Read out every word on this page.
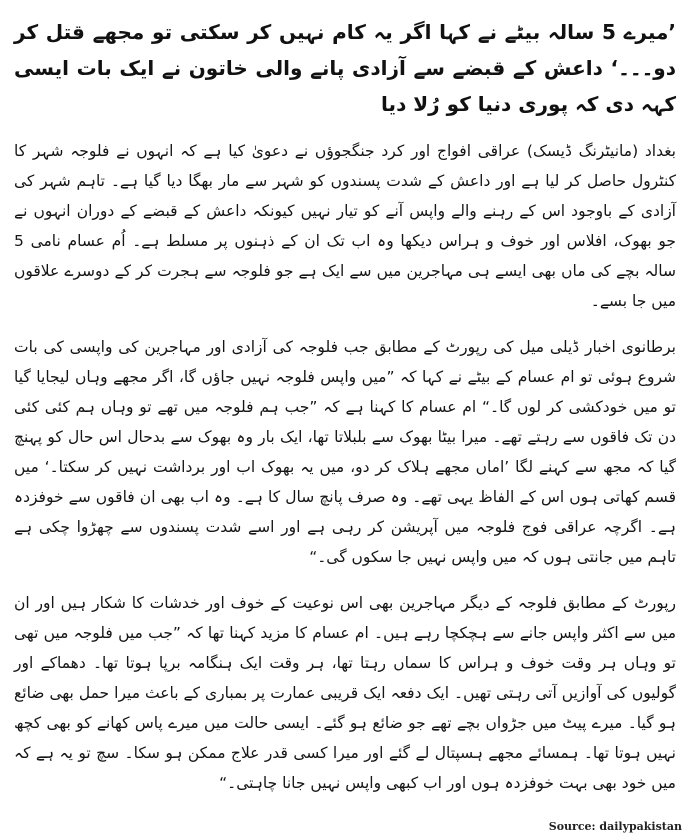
’میرے 5 سالہ بیٹے نے کہا اگر یہ کام نہیں کر سکتی تو مجھے قتل کر دو۔۔۔‘ داعش کے قبضے سے آزادی پانے والی خاتون نے ایک بات ایسی کہہ دی کہ پوری دنیا کو رُلا دیا

بغداد (مانیٹرنگ ڈیسک) عراقی افواج اور کرد جنگجوؤں نے دعویٰ کیا ہے کہ انہوں نے فلوجہ شہر کا کنٹرول حاصل کر لیا ہے اور داعش کے شدت پسندوں کو شہر سے مار بھگا دیا گیا ہے۔ تاہم شہر کی آزادی کے باوجود اس کے رہنے والے واپس آنے کو تیار نہیں کیونکہ داعش کے قبضے کے دوران انہوں نے جو بھوک، افلاس اور خوف و ہراس دیکھا وہ اب تک ان کے ذہنوں پر مسلط ہے۔ اُم عسام نامی 5 سالہ بچے کی ماں بھی ایسے ہی مہاجرین میں سے ایک ہے جو فلوجہ سے ہجرت کر کے دوسرے علاقوں میں جا بسے۔

برطانوی اخبار ڈیلی میل کی رپورٹ کے مطابق جب فلوجہ کی آزادی اور مہاجرین کی واپسی کی بات شروع ہوئی تو ام عسام کے بیٹے نے کہا کہ ”میں واپس فلوجہ نہیں جاؤں گا، اگر مجھے وہاں لیجایا گیا تو میں خودکشی کر لوں گا۔“ ام عسام کا کہنا ہے کہ ”جب ہم فلوجہ میں تھے تو وہاں ہم کئی کئی دن تک فاقوں سے رہتے تھے۔ میرا بیٹا بھوک سے بلبلاتا تھا، ایک بار وہ بھوک سے بدحال اس حال کو پہنچ گیا کہ مجھ سے کہنے لگا ’اماں مجھے ہلاک کر دو، میں یہ بھوک اب اور برداشت نہیں کر سکتا۔‘ میں قسم کھاتی ہوں اس کے الفاظ یہی تھے۔ وہ صرف پانچ سال کا ہے۔ وہ اب بھی ان فاقوں سے خوفزدہ ہے۔ اگرچہ عراقی فوج فلوجہ میں آپریشن کر رہی ہے اور اسے شدت پسندوں سے چھڑوا چکی ہے تاہم میں جانتی ہوں کہ میں واپس نہیں جا سکوں گی۔“

رپورٹ کے مطابق فلوجہ کے دیگر مہاجرین بھی اس نوعیت کے خوف اور خدشات کا شکار ہیں اور ان میں سے اکثر واپس جانے سے ہچکچا رہے ہیں۔ ام عسام کا مزید کہنا تھا کہ ”جب میں فلوجہ میں تھی تو وہاں ہر وقت خوف و ہراس کا سماں رہتا تھا، ہر وقت ایک ہنگامہ برپا ہوتا تھا۔ دھماکے اور گولیوں کی آوازیں آتی رہتی تھیں۔ ایک دفعہ ایک قریبی عمارت پر بمباری کے باعث میرا حمل بھی ضائع ہو گیا۔ میرے پیٹ میں جڑواں بچے تھے جو ضائع ہو گئے۔ ایسی حالت میں میرے پاس کھانے کو بھی کچھ نہیں ہوتا تھا۔ ہمسائے مجھے ہسپتال لے گئے اور میرا کسی قدر علاج ممکن ہو سکا۔ سچ تو یہ ہے کہ میں خود بھی بہت خوفزدہ ہوں اور اب کبھی واپس نہیں جانا چاہتی۔“

Source: dailypakistan
